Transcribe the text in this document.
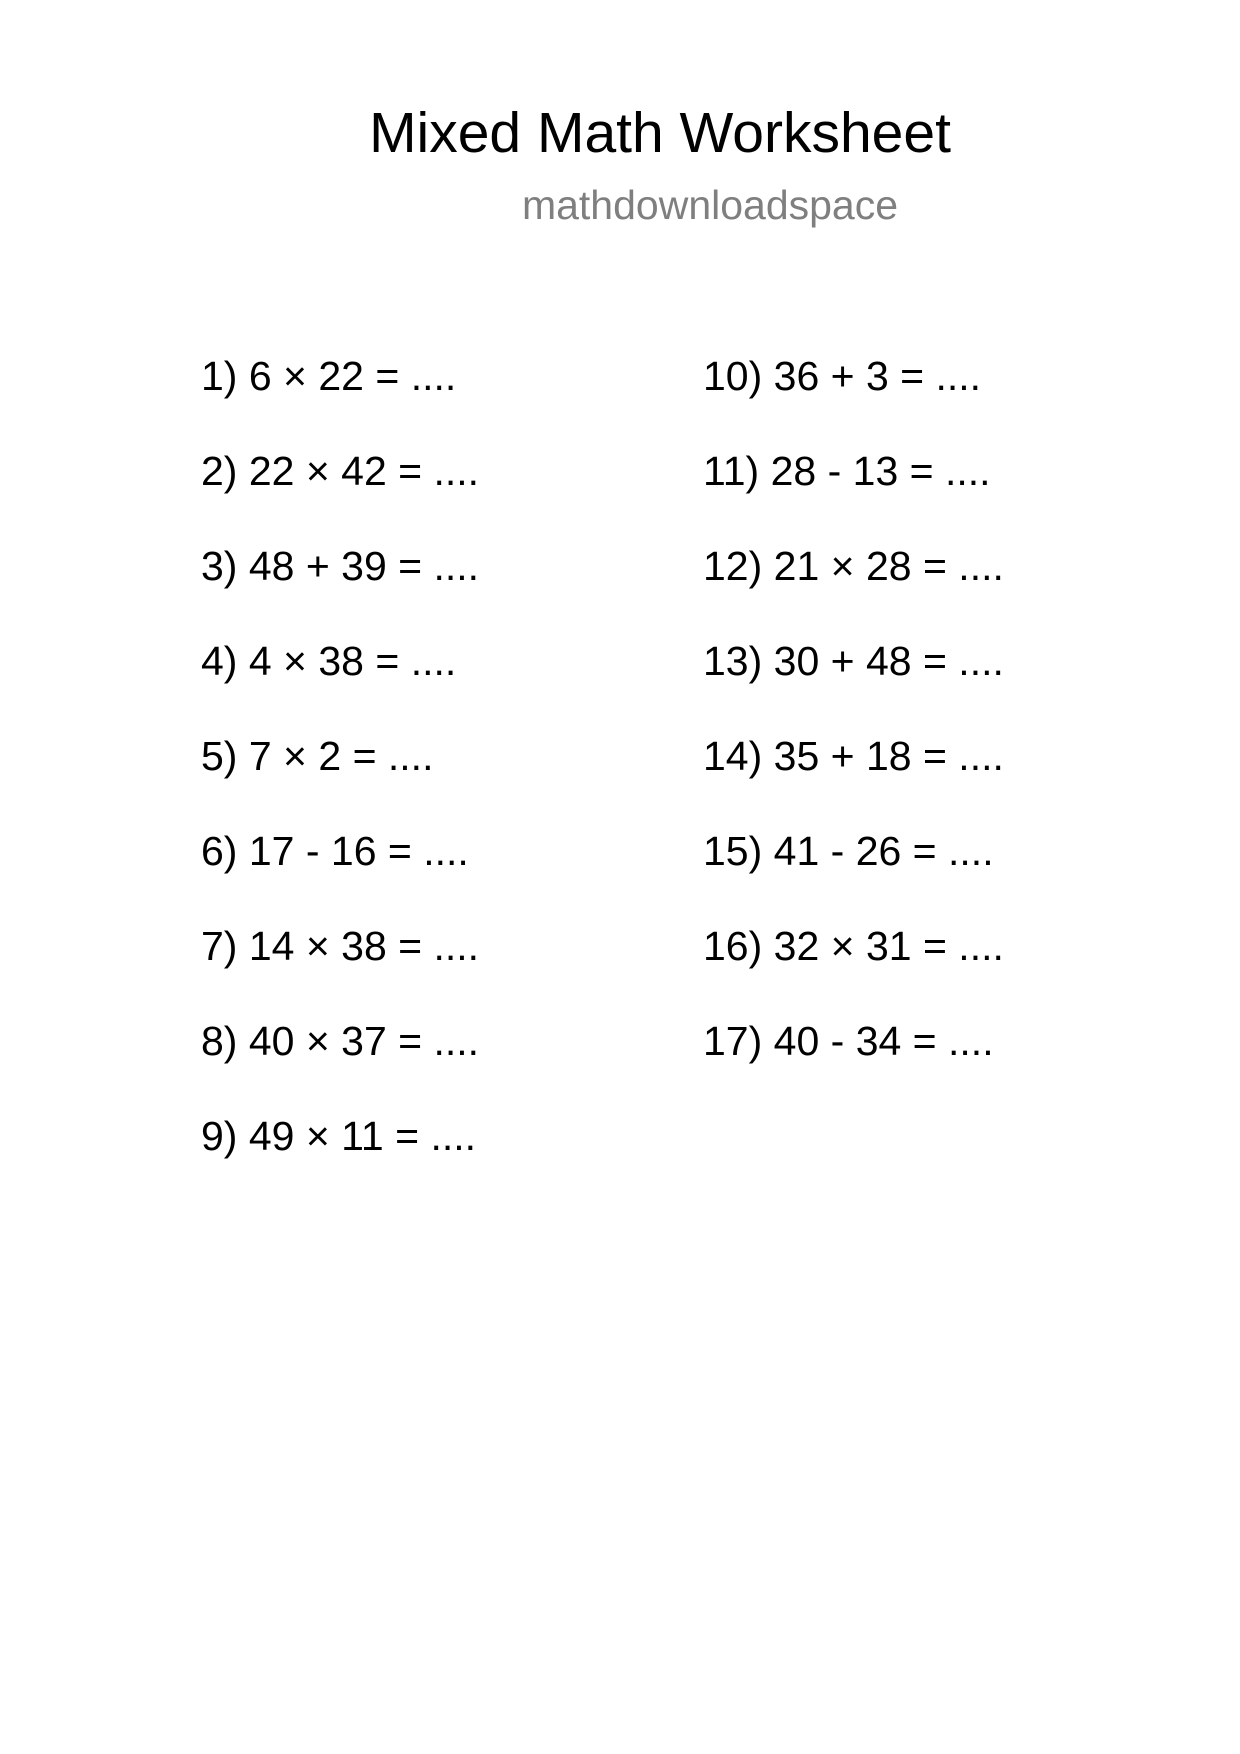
Mixed Math Worksheet
mathdownloadspace
1) 6 × 22 = ....
2) 22 × 42 = ....
3) 48 + 39 = ....
4) 4 × 38 = ....
5) 7 × 2 = ....
6) 17 - 16 = ....
7) 14 × 38 = ....
8) 40 × 37 = ....
9) 49 × 11 = ....
10) 36 + 3 = ....
11) 28 - 13 = ....
12) 21 × 28 = ....
13) 30 + 48 = ....
14) 35 + 18 = ....
15) 41 - 26 = ....
16) 32 × 31 = ....
17) 40 - 34 = ....
